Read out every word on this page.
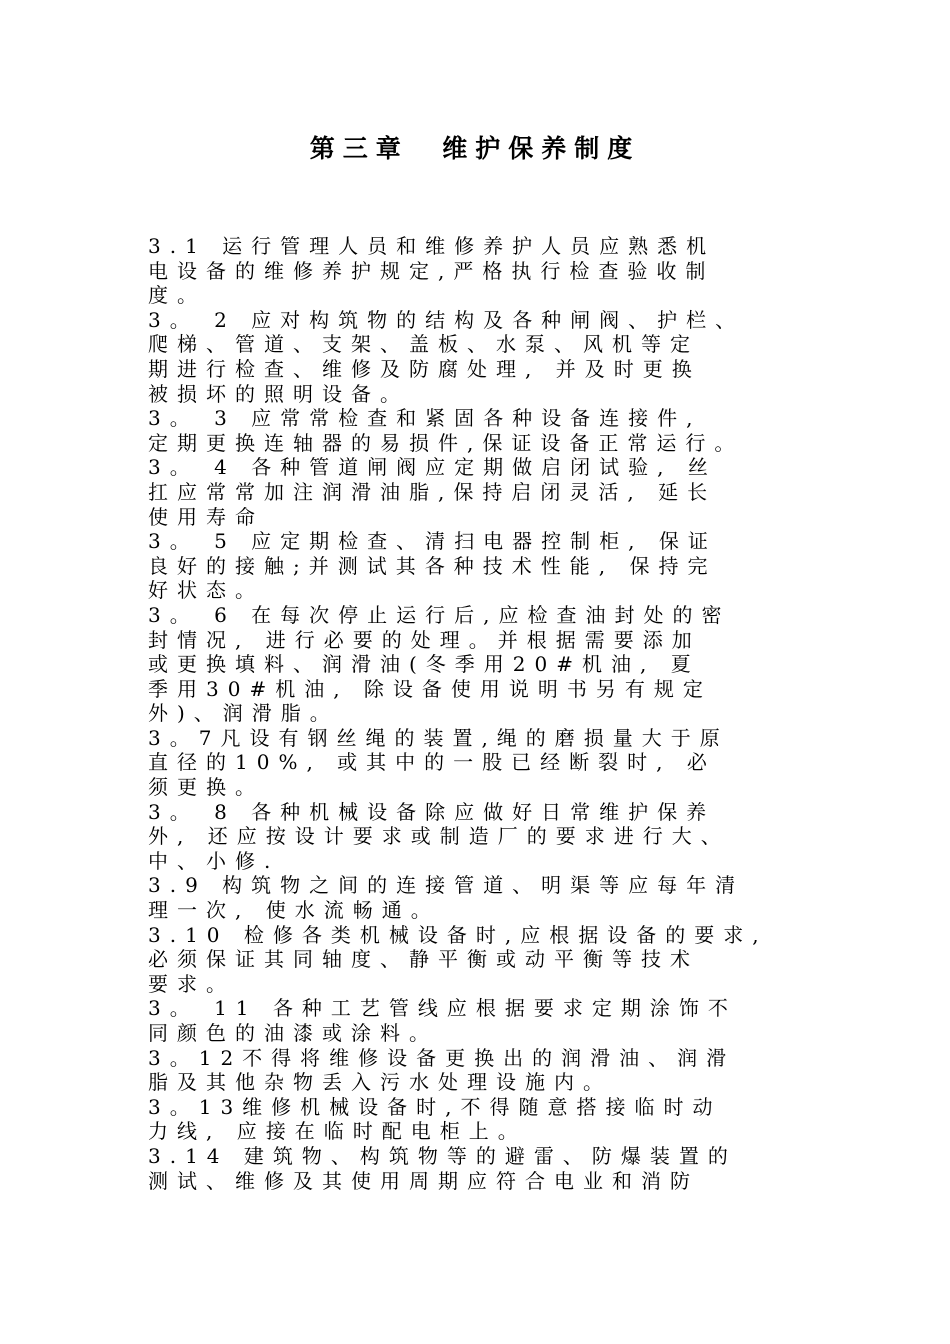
第三章  维护保养制度
3.1 运行管理人员和维修养护人员应熟悉机
电设备的维修养护规定,严格执行检查验收制
度。
3。 2 应对构筑物的结构及各种闸阀、护栏、
爬梯、管道、支架、盖板、水泵、风机等定
期进行检查、维修及防腐处理, 并及时更换
被损坏的照明设备。
3。 3 应常常检查和紧固各种设备连接件,
定期更换连轴器的易损件,保证设备正常运行。
3。 4 各种管道闸阀应定期做启闭试验, 丝
扛应常常加注润滑油脂,保持启闭灵活, 延长
使用寿命
3。 5 应定期检查、清扫电器控制柜, 保证
良好的接触;并测试其各种技术性能, 保持完
好状态。
3。 6 在每次停止运行后,应检查油封处的密
封情况, 进行必要的处理。并根据需要添加
或更换填料、润滑油(冬季用20#机油, 夏
季用30#机油, 除设备使用说明书另有规定
外)、润滑脂。
3。7凡设有钢丝绳的装置,绳的磨损量大于原
直径的10%, 或其中的一股已经断裂时, 必
须更换。
3。 8 各种机械设备除应做好日常维护保养
外, 还应按设计要求或制造厂的要求进行大、
中、小修.
3.9 构筑物之间的连接管道、明渠等应每年清
理一次, 使水流畅通。
3.10 检修各类机械设备时,应根据设备的要求,
必须保证其同轴度、静平衡或动平衡等技术
要求。
3。 11 各种工艺管线应根据要求定期涂饰不
同颜色的油漆或涂料。
3。12不得将维修设备更换出的润滑油、润滑
脂及其他杂物丢入污水处理设施内。
3。13维修机械设备时,不得随意搭接临时动
力线, 应接在临时配电柜上。
3.14 建筑物、构筑物等的避雷、防爆装置的
测试、维修及其使用周期应符合电业和消防
